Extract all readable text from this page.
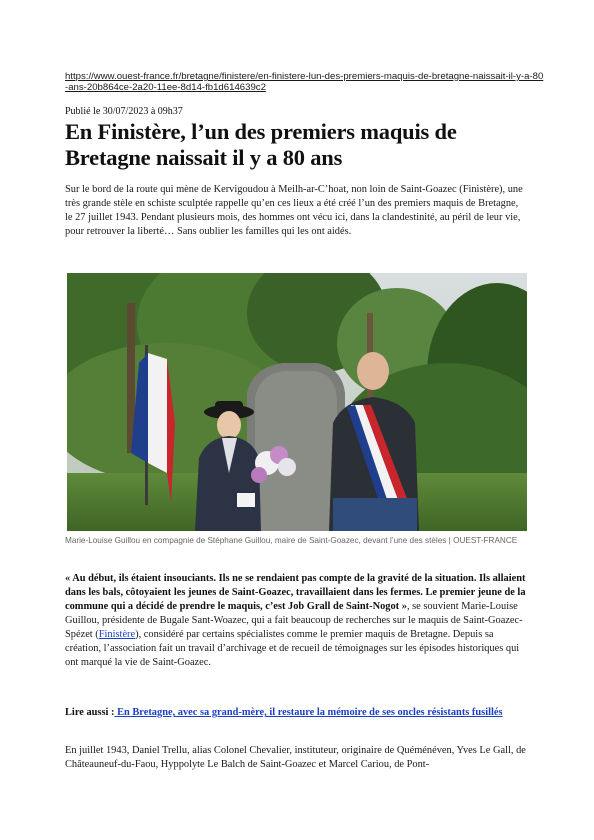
https://www.ouest-france.fr/bretagne/finistere/en-finistere-lun-des-premiers-maquis-de-bretagne-naissait-il-y-a-80-ans-20b864ce-2a20-11ee-8d14-fb1d614639c2
Publié le 30/07/2023 à 09h37
En Finistère, l’un des premiers maquis de Bretagne naissait il y a 80 ans

Sur le bord de la route qui mène de Kervigoudou à Meilh-ar-C’hoat, non loin de Saint-Goazec (Finistère), une très grande stèle en schiste sculptée rappelle qu’en ces lieux a été créé l’un des premiers maquis de Bretagne, le 27 juillet 1943. Pendant plusieurs mois, des hommes ont vécu ici, dans la clandestinité, au péril de leur vie, pour retrouver la liberté… Sans oublier les familles qui les ont aidés.

Marie-Louise Guillou en compagnie de Stéphane Guillou, maire de Saint-Goazec, devant l’une des stèles | OUEST-FRANCE

« Au début, ils étaient insouciants. Ils ne se rendaient pas compte de la gravité de la situation. Ils allaient dans les bals, côtoyaient les jeunes de Saint-Goazec, travaillaient dans les fermes. Le premier jeune de la commune qui a décidé de prendre le maquis, c’est Job Grall de Saint-Nogot », se souvient Marie-Louise Guillou, présidente de Bugale Sant-Woazec, qui a fait beaucoup de recherches sur le maquis de Saint-Goazec-Spézet (Finistère), considéré par certains spécialistes comme le premier maquis de Bretagne. Depuis sa création, l’association fait un travail d’archivage et de recueil de témoignages sur les épisodes historiques qui ont marqué la vie de Saint-Goazec.

Lire aussi : En Bretagne, avec sa grand-mère, il restaure la mémoire de ses oncles résistants fusillés

En juillet 1943, Daniel Trellu, alias Colonel Chevalier, instituteur, originaire de Quéménéven, Yves Le Gall, de Châteauneuf-du-Faou, Hyppolyte Le Balch de Saint-Goazec et Marcel Cariou, de Pont-
